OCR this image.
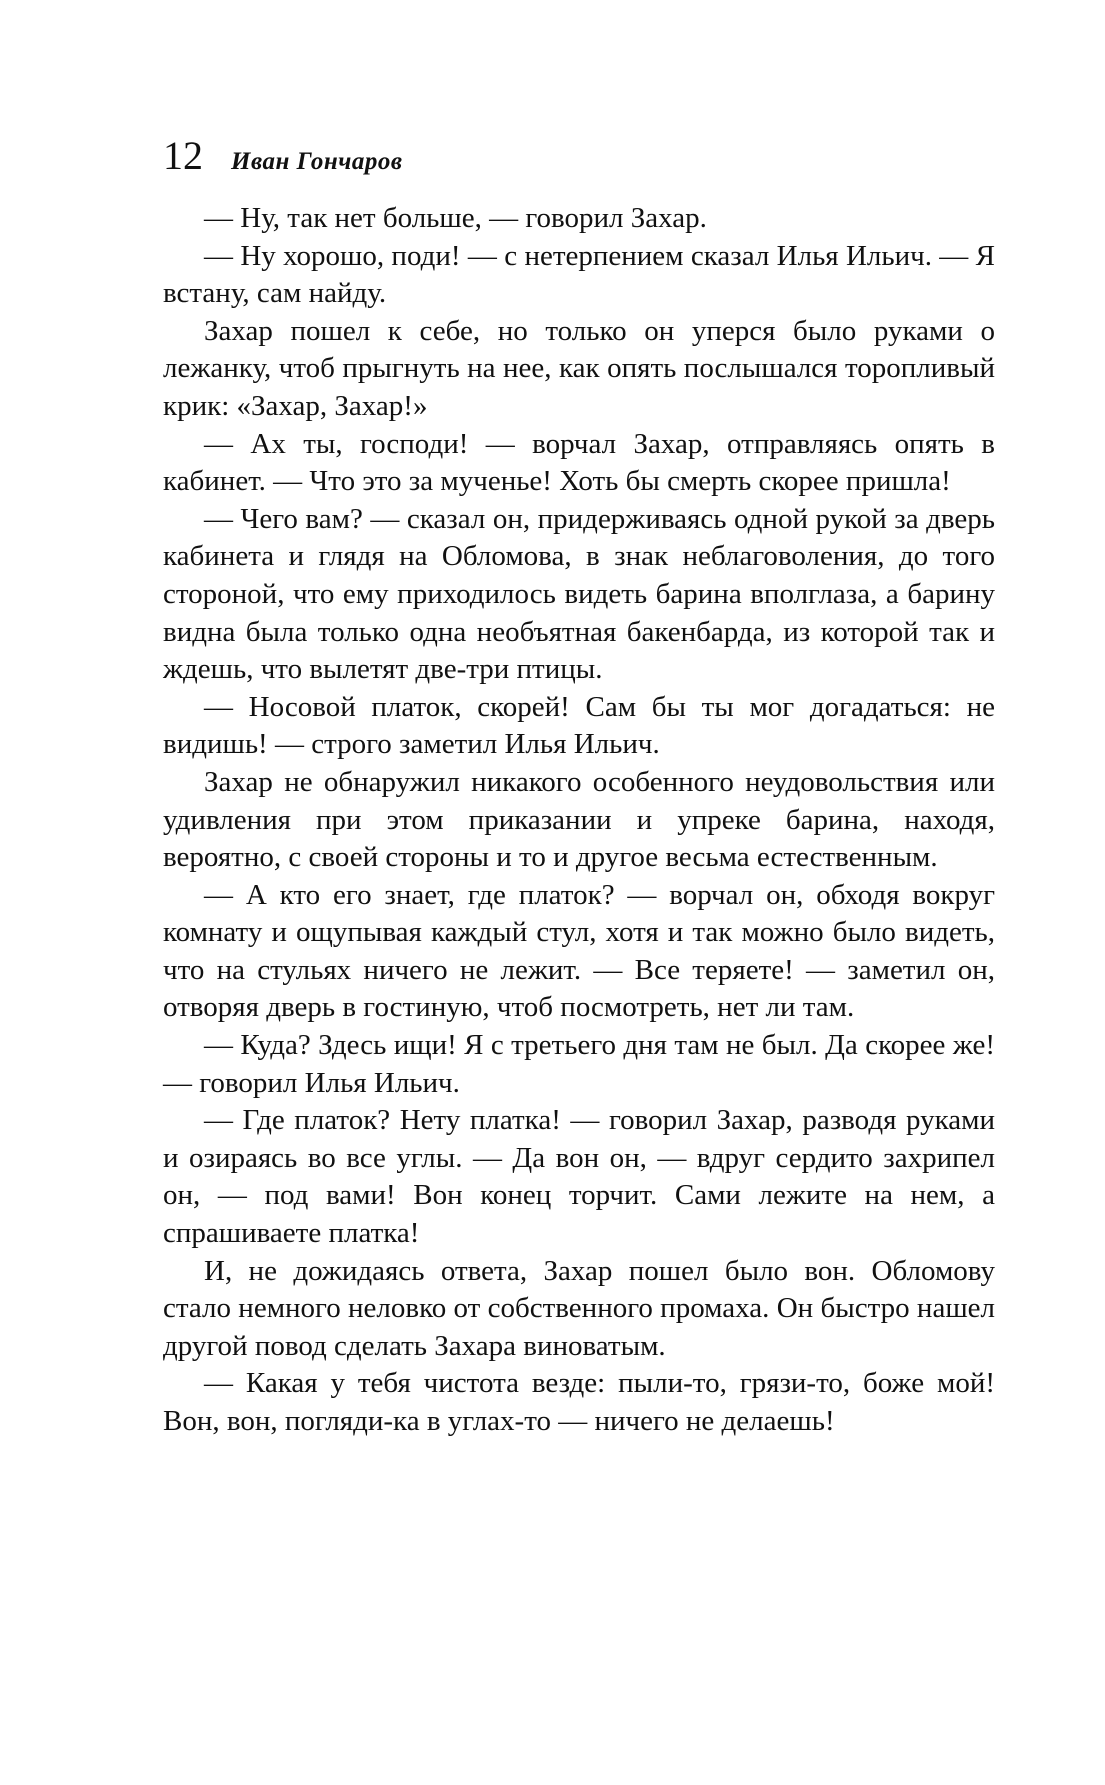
12 Иван Гончаров

— Ну, так нет больше, — говорил Захар.

— Ну хорошо, поди! — с нетерпением сказал Илья Ильич. — Я встану, сам найду.

Захар пошел к себе, но только он уперся было руками о лежанку, чтоб прыгнуть на нее, как опять послышался торопливый крик: «Захар, Захар!»

— Ах ты, господи! — ворчал Захар, отправляясь опять в кабинет. — Что это за мученье! Хоть бы смерть скорее пришла!

— Чего вам? — сказал он, придерживаясь одной рукой за дверь кабинета и глядя на Обломова, в знак неблаговоления, до того стороной, что ему приходилось видеть барина вполглаза, а барину видна была только одна необъятная бакенбарда, из которой так и ждешь, что вылетят две-три птицы.

— Носовой платок, скорей! Сам бы ты мог догадаться: не видишь! — строго заметил Илья Ильич.

Захар не обнаружил никакого особенного неудовольствия или удивления при этом приказании и упреке барина, находя, вероятно, с своей стороны и то и другое весьма естественным.

— А кто его знает, где платок? — ворчал он, обходя вокруг комнату и ощупывая каждый стул, хотя и так можно было видеть, что на стульях ничего не лежит. — Все теряете! — заметил он, отворяя дверь в гостиную, чтоб посмотреть, нет ли там.

— Куда? Здесь ищи! Я с третьего дня там не был. Да скорее же! — говорил Илья Ильич.

— Где платок? Нету платка! — говорил Захар, разводя руками и озираясь во все углы. — Да вон он, — вдруг сердито захрипел он, — под вами! Вон конец торчит. Сами лежите на нем, а спрашиваете платка!

И, не дожидаясь ответа, Захар пошел было вон. Обломову стало немного неловко от собственного промаха. Он быстро нашел другой повод сделать Захара виноватым.

— Какая у тебя чистота везде: пыли-то, грязи-то, боже мой! Вон, вон, погляди-ка в углах-то — ничего не делаешь!
